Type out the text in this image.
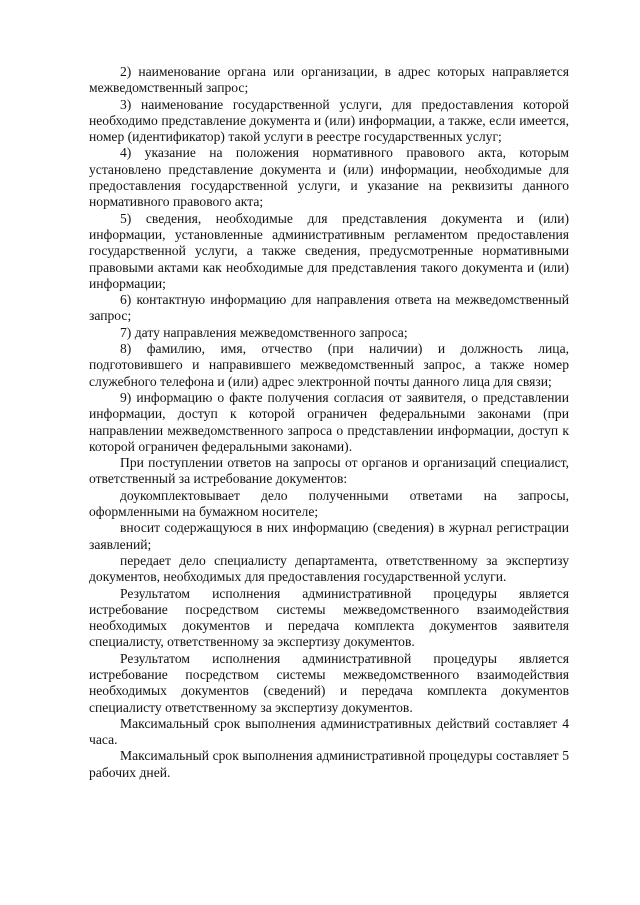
2) наименование органа или организации, в адрес которых направляется межведомственный запрос;

3) наименование государственной услуги, для предоставления которой необходимо представление документа и (или) информации, а также, если имеется, номер (идентификатор) такой услуги в реестре государственных услуг;

4) указание на положения нормативного правового акта, которым установлено представление документа и (или) информации, необходимые для предоставления государственной услуги, и указание на реквизиты данного нормативного правового акта;

5) сведения, необходимые для представления документа и (или) информации, установленные административным регламентом предоставления государственной услуги, а также сведения, предусмотренные нормативными правовыми актами как необходимые для представления такого документа и (или) информации;

6) контактную информацию для направления ответа на межведомственный запрос;

7) дату направления межведомственного запроса;

8) фамилию, имя, отчество (при наличии) и должность лица, подготовившего и направившего межведомственный запрос, а также номер служебного телефона и (или) адрес электронной почты данного лица для связи;

9) информацию о факте получения согласия от заявителя, о представлении информации, доступ к которой ограничен федеральными законами (при направлении межведомственного запроса о представлении информации, доступ к которой ограничен федеральными законами).

При поступлении ответов на запросы от органов и организаций специалист, ответственный за истребование документов:

доукомплектовывает дело полученными ответами на запросы, оформленными на бумажном носителе;

вносит содержащуюся в них информацию (сведения) в журнал регистрации заявлений;

передает дело специалисту департамента, ответственному за экспертизу документов, необходимых для предоставления государственной услуги.

Результатом исполнения административной процедуры является истребование посредством системы межведомственного взаимодействия необходимых документов и передача комплекта документов заявителя специалисту, ответственному за экспертизу документов.

Результатом исполнения административной процедуры является истребование посредством системы межведомственного взаимодействия необходимых документов (сведений) и передача комплекта документов специалисту ответственному за экспертизу документов.

Максимальный срок выполнения административных действий составляет 4 часа.

Максимальный срок выполнения административной процедуры составляет 5 рабочих дней.
